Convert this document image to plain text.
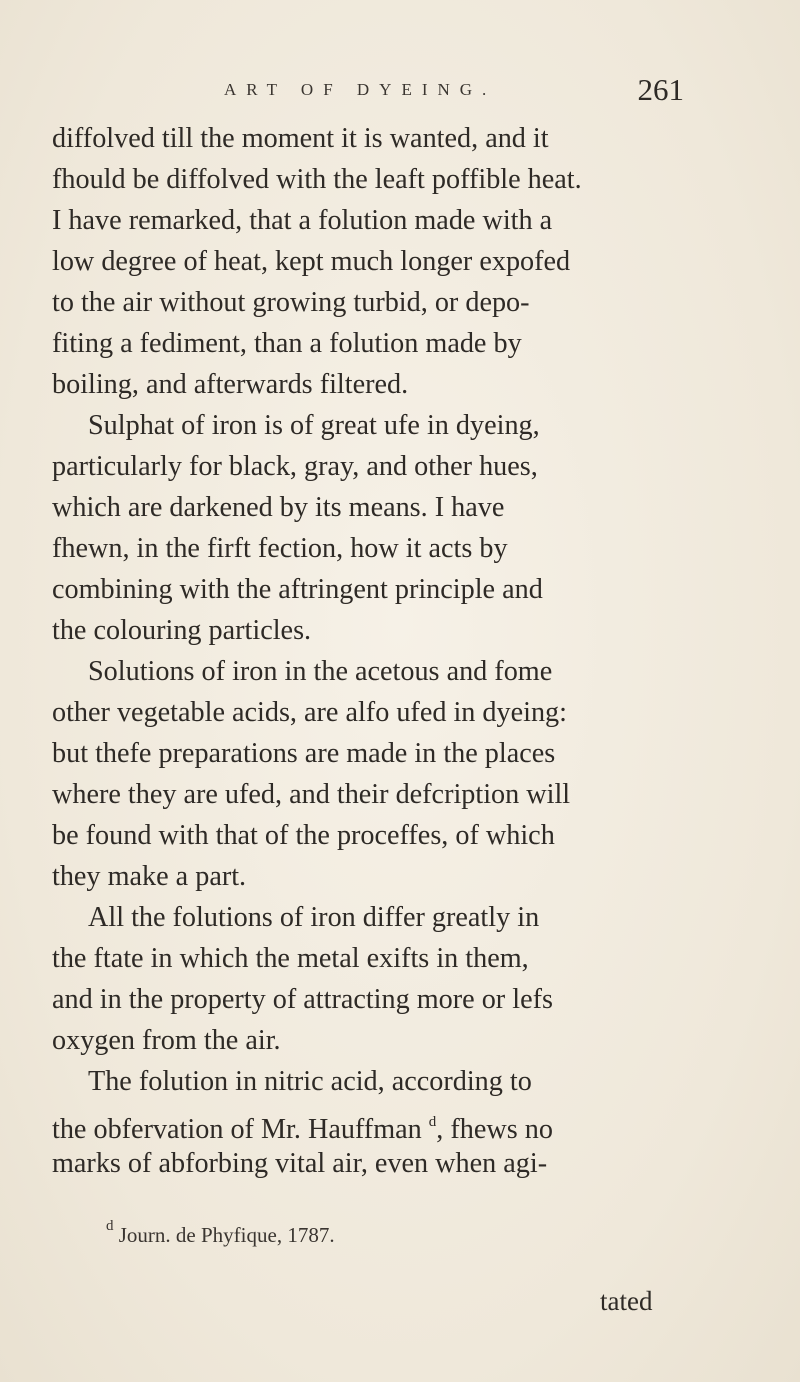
ART OF DYEING.	261
diffolved till the moment it is wanted, and it
fhould be diffolved with the leaft poffible heat.
I have remarked, that a folution made with a
low degree of heat, kept much longer expofed
to the air without growing turbid, or depo-
fiting a fediment, than a folution made by
boiling, and afterwards filtered.
Sulphat of iron is of great ufe in dyeing,
particularly for black, gray, and other hues,
which are darkened by its means. I have
fhewn, in the firft fection, how it acts by
combining with the aftringent principle and
the colouring particles.
Solutions of iron in the acetous and fome
other vegetable acids, are alfo ufed in dyeing:
but thefe preparations are made in the places
where they are ufed, and their defcription will
be found with that of the proceffes, of which
they make a part.
All the folutions of iron differ greatly in
the ftate in which the metal exifts in them,
and in the property of attracting more or lefs
oxygen from the air.
The folution in nitric acid, according to
the obfervation of Mr. Hauffman $^d$, fhews no
marks of abforbing vital air, even when agi-
$^d$ Journ. de Phyfique, 1787.
tated
